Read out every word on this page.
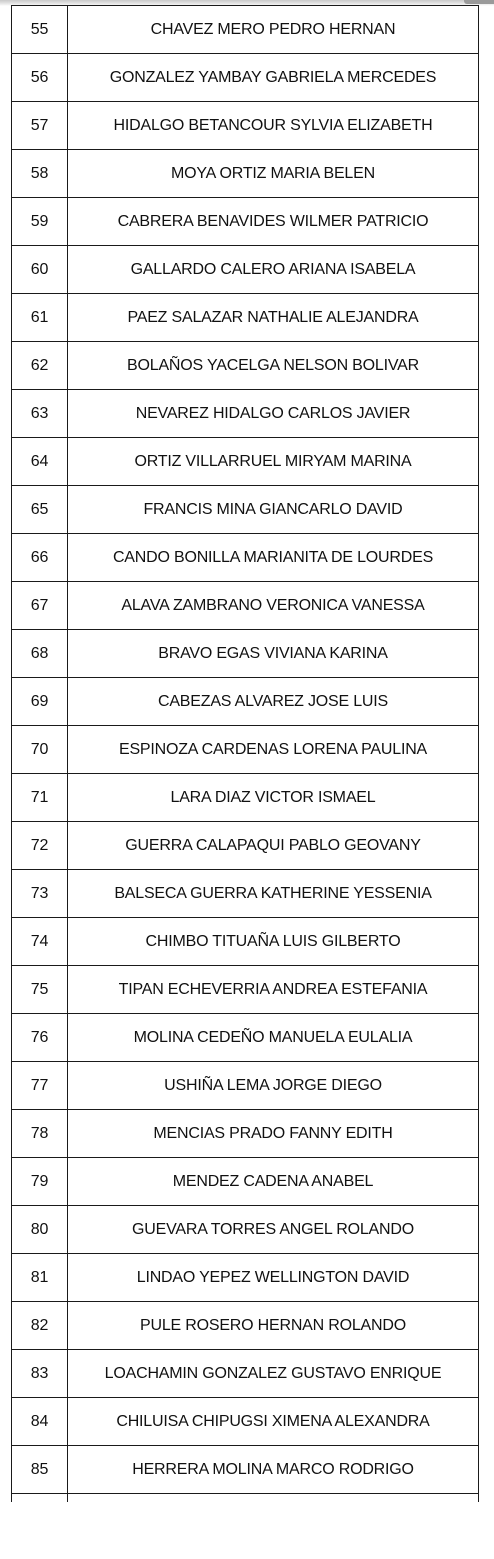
55	CHAVEZ MERO PEDRO HERNAN
56	GONZALEZ YAMBAY GABRIELA MERCEDES
57	HIDALGO BETANCOUR SYLVIA ELIZABETH
58	MOYA ORTIZ MARIA BELEN
59	CABRERA BENAVIDES WILMER PATRICIO
60	GALLARDO CALERO ARIANA ISABELA
61	PAEZ SALAZAR NATHALIE ALEJANDRA
62	BOLAÑOS YACELGA NELSON BOLIVAR
63	NEVAREZ HIDALGO CARLOS JAVIER
64	ORTIZ VILLARRUEL MIRYAM MARINA
65	FRANCIS MINA GIANCARLO DAVID
66	CANDO BONILLA MARIANITA DE LOURDES
67	ALAVA ZAMBRANO VERONICA VANESSA
68	BRAVO EGAS VIVIANA KARINA
69	CABEZAS ALVAREZ JOSE LUIS
70	ESPINOZA CARDENAS LORENA PAULINA
71	LARA DIAZ VICTOR ISMAEL
72	GUERRA CALAPAQUI PABLO GEOVANY
73	BALSECA GUERRA KATHERINE YESSENIA
74	CHIMBO TITUAÑA LUIS GILBERTO
75	TIPAN ECHEVERRIA ANDREA ESTEFANIA
76	MOLINA CEDEÑO MANUELA EULALIA
77	USHIÑA LEMA JORGE DIEGO
78	MENCIAS PRADO FANNY EDITH
79	MENDEZ CADENA ANABEL
80	GUEVARA TORRES ANGEL ROLANDO
81	LINDAO YEPEZ WELLINGTON DAVID
82	PULE ROSERO HERNAN ROLANDO
83	LOACHAMIN GONZALEZ GUSTAVO ENRIQUE
84	CHILUISA CHIPUGSI XIMENA ALEXANDRA
85	HERRERA MOLINA MARCO RODRIGO
